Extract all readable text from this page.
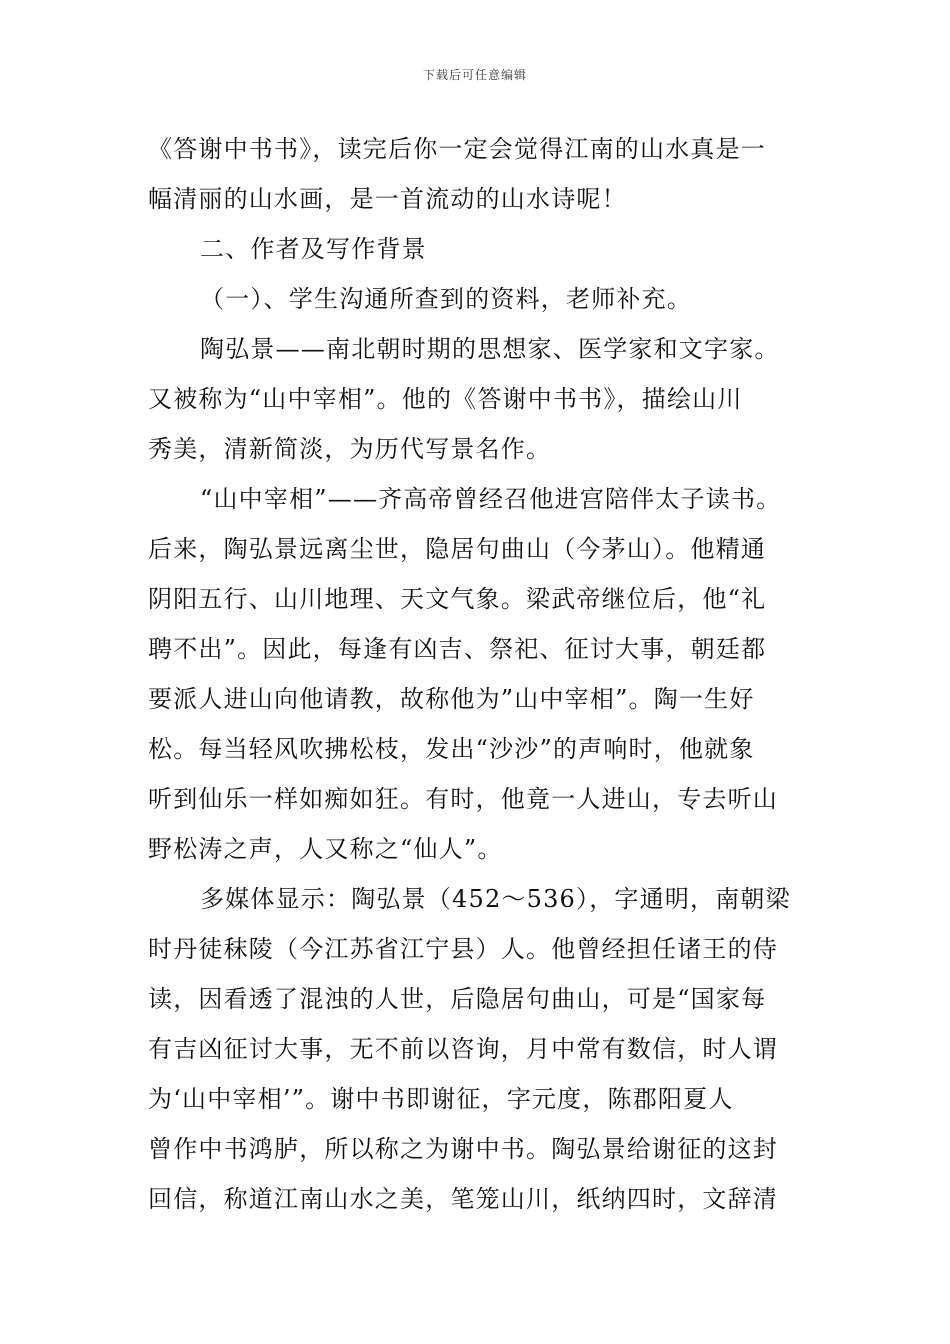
下载后可任意编辑

《答谢中书书》，读完后你一定会觉得江南的山水真是一
幅清丽的山水画，是一首流动的山水诗呢！

二、作者及写作背景

（一）、学生沟通所查到的资料，老师补充。

陶弘景——南北朝时期的思想家、医学家和文字家。
又被称为“山中宰相”。他的《答谢中书书》，描绘山川
秀美，清新简淡，为历代写景名作。

“山中宰相”——齐高帝曾经召他进宫陪伴太子读书。
后来，陶弘景远离尘世，隐居句曲山（今茅山）。他精通
阴阳五行、山川地理、天文气象。梁武帝继位后，他“礼
聘不出”。因此，每逢有凶吉、祭祀、征讨大事，朝廷都
要派人进山向他请教，故称他为”山中宰相”。陶一生好
松。每当轻风吹拂松枝，发出“沙沙”的声响时，他就象
听到仙乐一样如痴如狂。有时，他竟一人进山，专去听山
野松涛之声，人又称之“仙人”。

多媒体显示：陶弘景（452～536），字通明，南朝梁
时丹徒秣陵（今江苏省江宁县）人。他曾经担任诸王的侍
读，因看透了混浊的人世，后隐居句曲山，可是“国家每
有吉凶征讨大事，无不前以咨询，月中常有数信，时人谓
为‘山中宰相’”。谢中书即谢征，字元度，陈郡阳夏人
曾作中书鸿胪，所以称之为谢中书。陶弘景给谢征的这封
回信，称道江南山水之美，笔笼山川，纸纳四时，文辞清
